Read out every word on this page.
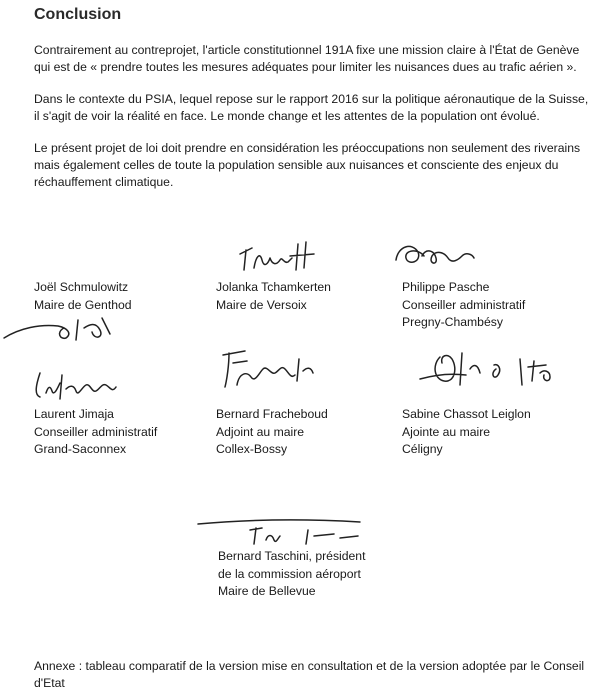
Conclusion

Contrairement au contreprojet, l'article constitutionnel 191A fixe une mission claire à l'État de Genève qui est de « prendre toutes les mesures adéquates pour limiter les nuisances dues au trafic aérien ».

Dans le contexte du PSIA, lequel repose sur le rapport 2016 sur la politique aéronautique de la Suisse, il s'agit de voir la réalité en face. Le monde change et les attentes de la population ont évolué.

Le présent projet de loi doit prendre en considération les préoccupations non seulement des riverains mais également celles de toute la population sensible aux nuisances et consciente des enjeux du réchauffement climatique.

Joël Schmulowitz
Maire de Genthod
Jolanka Tchamkerten
Maire de Versoix
Philippe Pasche
Conseiller administratif
Pregny-Chambésy
Laurent Jimaja
Conseiller administratif
Grand-Saconnex
Bernard Fracheboud
Adjoint au maire
Collex-Bossy
Sabine Chassot Leiglon
Ajointe au maire
Céligny
Bernard Taschini, président
de la commission aéroport
Maire de Bellevue

Annexe : tableau comparatif de la version mise en consultation et de la version adoptée par le Conseil d'Etat
